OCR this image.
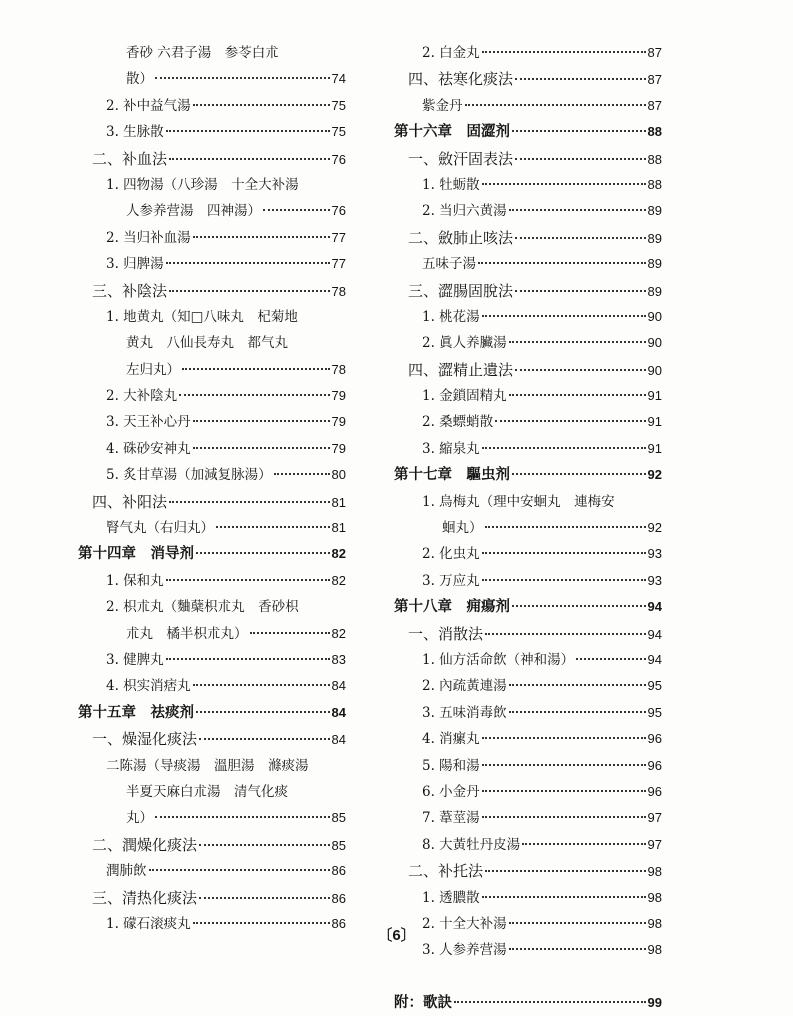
香砂 六君子湯　参苓白朮
散）	74
2. 补中益气湯	75
3. 生脉散	75
二、补血法	76
1. 四物湯（八珍湯　十全大补湯
人参养营湯　四神湯）	76
2. 当归补血湯	77
3. 归脾湯	77
三、补陰法	78
1. 地黄丸（知□八味丸　杞菊地
黄丸　八仙長寿丸　都气丸
左归丸）	78
2. 大补陰丸	79
3. 天王补心丹	79
4. 硃砂安神丸	79
5. 炙甘草湯（加減复脉湯）	80
四、补阳法	81
腎气丸（右归丸）	81
第十四章　消导剂	82
1. 保和丸	82
2. 枳朮丸（麯蘖枳朮丸　香砂枳
朮丸　橘半枳朮丸）	82
3. 健脾丸	83
4. 枳实消痞丸	84
第十五章　祛痰剂	84
一、燥湿化痰法	84
二陈湯（导痰湯　溫胆湯　滌痰湯
半夏天麻白朮湯　清气化痰
丸）	85
二、潤燥化痰法	85
潤肺飲	86
三、清热化痰法	86
1. 礞石滚痰丸	86
2. 白金丸	87
四、祛寒化痰法	87
紫金丹	87
第十六章　固澀剂	88
一、斂汗固表法	88
1. 牡蛎散	88
2. 当归六黄湯	89
二、斂肺止咳法	89
五味子湯	89
三、澀腸固脫法	89
1. 桃花湯	90
2. 眞人养臟湯	90
四、澀精止遺法	90
1. 金鎖固精丸	91
2. 桑螵蛸散	91
3. 縮泉丸	91
第十七章　驅虫剂	92
1. 烏梅丸（理中安蛔丸　連梅安
蛔丸）	92
2. 化虫丸	93
3. 万应丸	93
第十八章　痈瘍剂	94
一、消散法	94
1. 仙方活命飲（神和湯）	94
2. 內疏黃連湯	95
3. 五味消毒飲	95
4. 消瘰丸	96
5. 陽和湯	96
6. 小金丹	96
7. 葦莖湯	97
8. 大黃牡丹皮湯	97
二、补托法	98
1. 透膿散	98
2. 十全大补湯	98
3. 人参养营湯	98
附：歌訣	99
〔6〕
